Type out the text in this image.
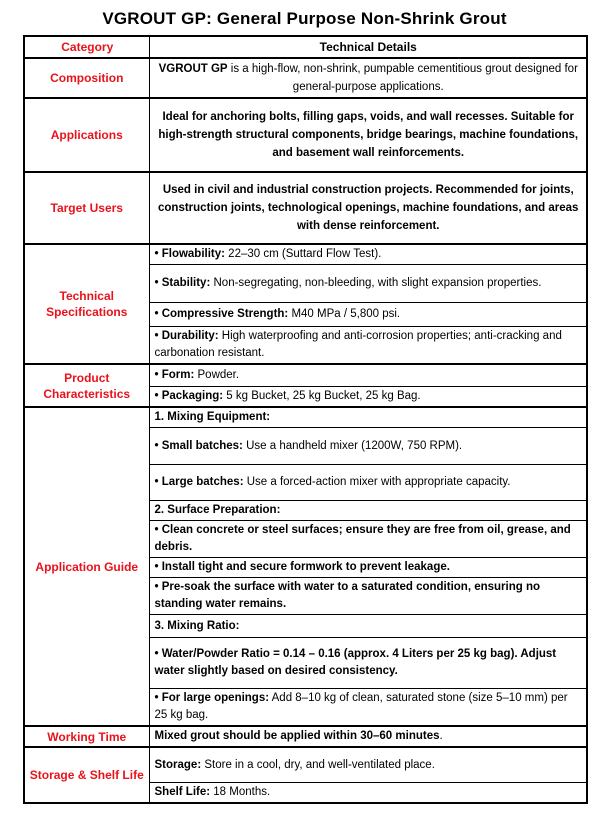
VGROUT GP: General Purpose Non-Shrink Grout
Category	Technical Details
Composition	VGROUT GP is a high-flow, non-shrink, pumpable cementitious grout designed for general-purpose applications.
Applications	Ideal for anchoring bolts, filling gaps, voids, and wall recesses. Suitable for high-strength structural components, bridge bearings, machine foundations, and basement wall reinforcements.
Target Users	Used in civil and industrial construction projects. Recommended for joints, construction joints, technological openings, machine foundations, and areas with dense reinforcement.
Technical Specifications	• Flowability: 22–30 cm (Suttard Flow Test).
	• Stability: Non-segregating, non-bleeding, with slight expansion properties.
	• Compressive Strength: M40 MPa / 5,800 psi.
	• Durability: High waterproofing and anti-corrosion properties; anti-cracking and carbonation resistant.
Product Characteristics	• Form: Powder.
	• Packaging: 5 kg Bucket, 25 kg Bucket, 25 kg Bag.
Application Guide	1. Mixing Equipment:
	• Small batches: Use a handheld mixer (1200W, 750 RPM).
	• Large batches: Use a forced-action mixer with appropriate capacity.
	2. Surface Preparation:
	• Clean concrete or steel surfaces; ensure they are free from oil, grease, and debris.
	• Install tight and secure formwork to prevent leakage.
	• Pre-soak the surface with water to a saturated condition, ensuring no standing water remains.
	3. Mixing Ratio:
	• Water/Powder Ratio = 0.14 – 0.16 (approx. 4 Liters per 25 kg bag). Adjust water slightly based on desired consistency.
	• For large openings: Add 8–10 kg of clean, saturated stone (size 5–10 mm) per 25 kg bag.
Working Time	Mixed grout should be applied within 30–60 minutes.
Storage & Shelf Life	Storage: Store in a cool, dry, and well-ventilated place.
	Shelf Life: 18 Months.
